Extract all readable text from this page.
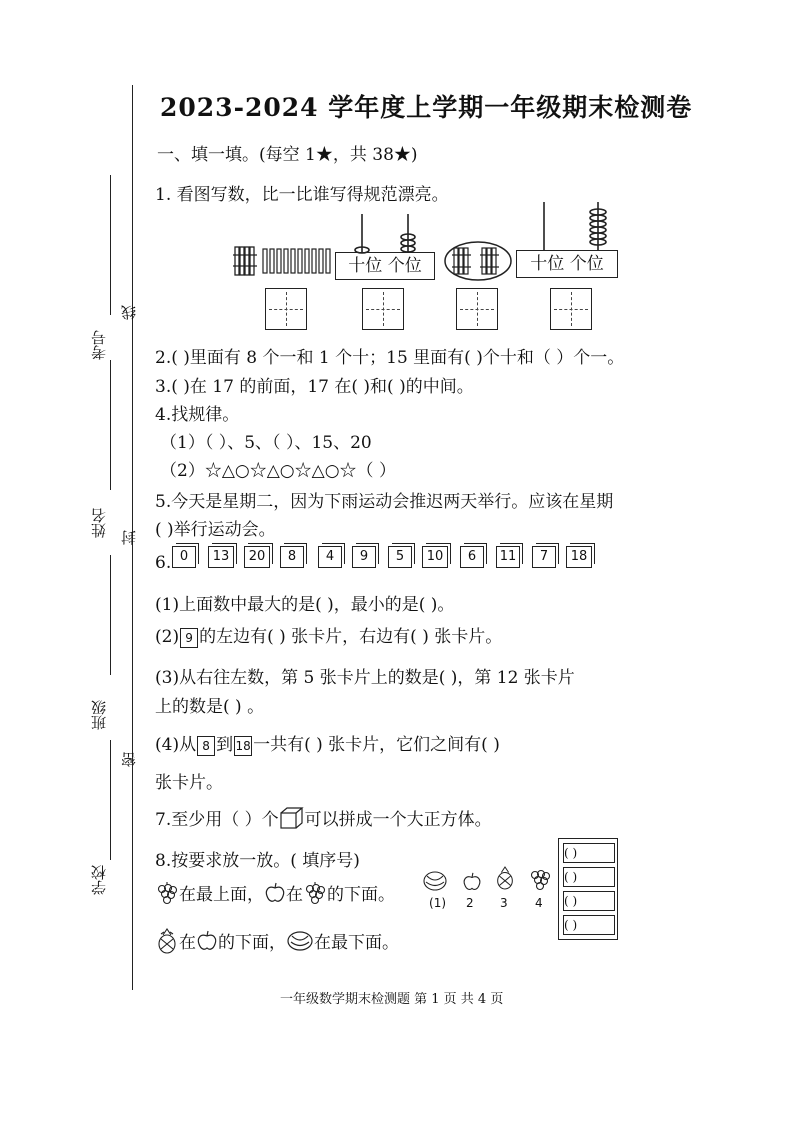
考号
线
姓名 封
班级
密
学校
2023-2024 学年度上学期一年级期末检测卷
一、填一填。(每空 1★，共 38★)
1. 看图写数，比一比谁写得规范漂亮。
十位 个位	十位 个位
2.( )里面有 8 个一和 1 个十；15 里面有( )个十和（ ）个一。
3.( )在 17 的前面，17 在( )和( )的中间。
4.找规律。
（1）（ ）、5、（ ）、15、20
（2）☆△○☆△○☆△○☆（ ）
5.今天是星期二，因为下雨运动会推迟两天举行。应该在星期
( )举行运动会。
6. 0	13	20	8	4	9	5	10	6	11	7	18
(1)上面数中最大的是( )，最小的是( )。
(2) 9 的左边有( ) 张卡片，右边有( ) 张卡片。
(3)从右往左数，第 5 张卡片上的数是( )，第 12 张卡片
上的数是( ) 。
(4)从 8 到 18 一共有( ) 张卡片，它们之间有( )
张卡片。
7.至少用（ ）个 可以拼成一个大正方体。
8.按要求放一放。( 填序号)
在最上面， 在 的下面。
在 的下面， 在最下面。
(1) 2 3 4
( )
( )
( )
( )
一年级数学期末检测题 第 1 页 共 4 页
